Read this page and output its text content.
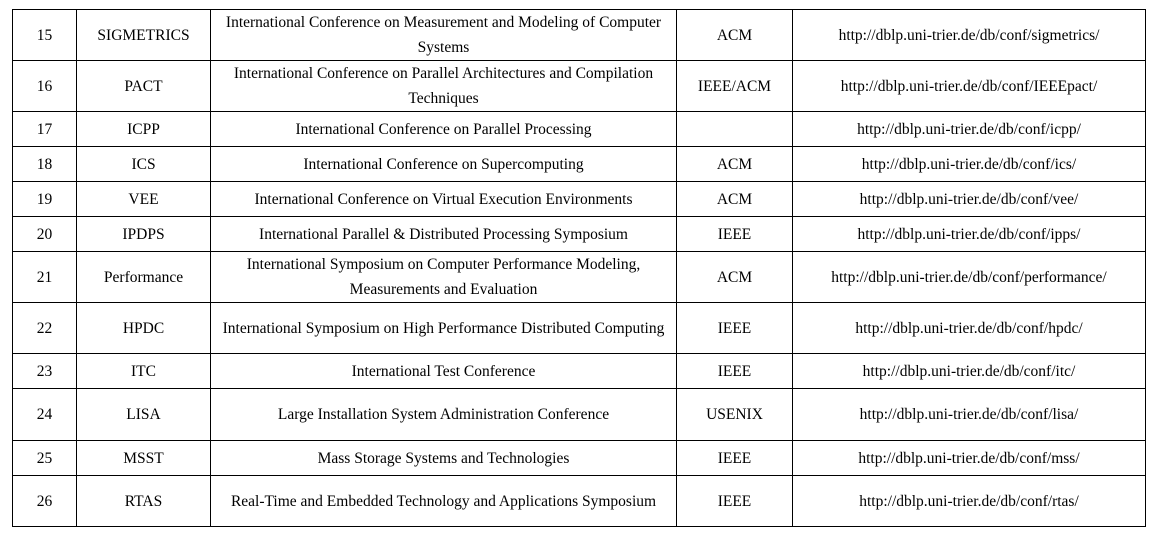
15	SIGMETRICS	International Conference on Measurement and Modeling of Computer Systems	ACM	http://dblp.uni-trier.de/db/conf/sigmetrics/
16	PACT	International Conference on Parallel Architectures and Compilation Techniques	IEEE/ACM	http://dblp.uni-trier.de/db/conf/IEEEpact/
17	ICPP	International Conference on Parallel Processing		http://dblp.uni-trier.de/db/conf/icpp/
18	ICS	International Conference on Supercomputing	ACM	http://dblp.uni-trier.de/db/conf/ics/
19	VEE	International Conference on Virtual Execution Environments	ACM	http://dblp.uni-trier.de/db/conf/vee/
20	IPDPS	International Parallel & Distributed Processing Symposium	IEEE	http://dblp.uni-trier.de/db/conf/ipps/
21	Performance	International Symposium on Computer Performance Modeling, Measurements and Evaluation	ACM	http://dblp.uni-trier.de/db/conf/performance/
22	HPDC	International Symposium on High Performance Distributed Computing	IEEE	http://dblp.uni-trier.de/db/conf/hpdc/
23	ITC	International Test Conference	IEEE	http://dblp.uni-trier.de/db/conf/itc/
24	LISA	Large Installation System Administration Conference	USENIX	http://dblp.uni-trier.de/db/conf/lisa/
25	MSST	Mass Storage Systems and Technologies	IEEE	http://dblp.uni-trier.de/db/conf/mss/
26	RTAS	Real-Time and Embedded Technology and Applications Symposium	IEEE	http://dblp.uni-trier.de/db/conf/rtas/
